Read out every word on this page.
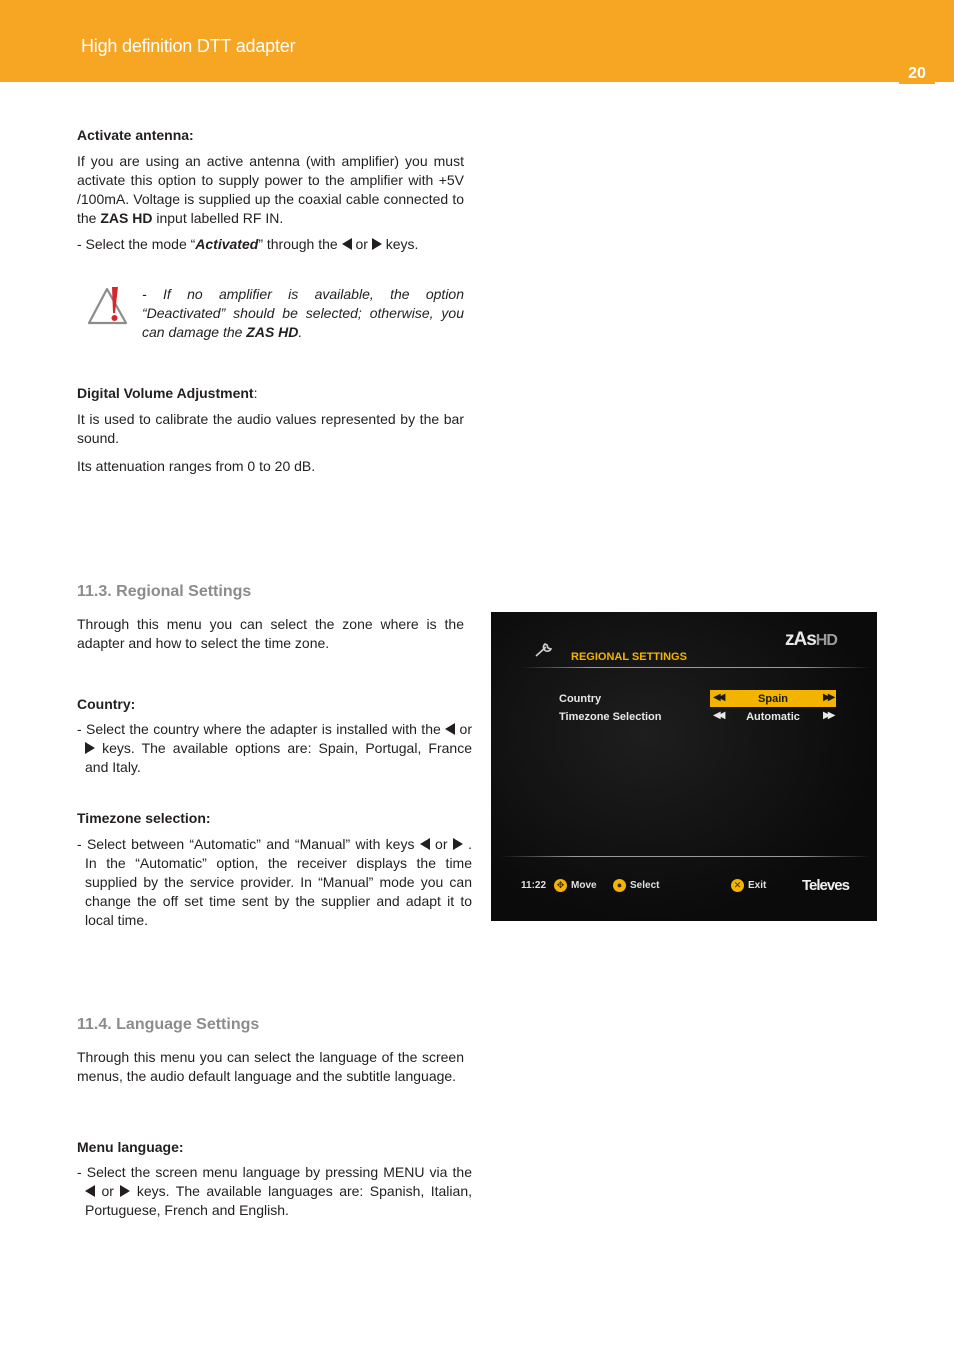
High definition DTT adapter
20
Activate antenna:
If you are using an active antenna (with amplifier) you must activate this option to supply power to the amplifier with +5V /100mA. Voltage is supplied up the coaxial cable connected to the ZAS HD input labelled RF IN.
- Select the mode “Activated” through the  or  keys.
- If no amplifier is available, the option “Deactivated” should be selected; otherwise, you can damage the ZAS HD.
Digital Volume Adjustment:
It is used to calibrate the audio values represented by the bar sound.
Its attenuation ranges from 0 to 20 dB.
11.3. Regional Settings
Through this menu you can select the zone where is the adapter and how to select the time zone.
Country:
- Select the country where the adapter is installed with the  or  keys. The available options are: Spain, Portugal, France and Italy.
Timezone selection:
- Select between “Automatic” and “Manual” with keys  or  . In the “Automatic” option, the receiver displays the time supplied by the service provider. In “Manual” mode you can change the off set time sent by the supplier and adapt it to local time.
REGIONAL SETTINGS
zAsHD
Country	◀◀	Spain	▶▶
Timezone Selection	◀◀	Automatic	▶▶
11:22	✥ Move	● Select	✕ Exit Televes
11.4. Language Settings
Through this menu you can select the language of the screen menus, the audio default language and the subtitle language.
Menu language:
- Select the screen menu language by pressing MENU via the  or  keys. The available languages are: Spanish, Italian, Portuguese, French and English.
